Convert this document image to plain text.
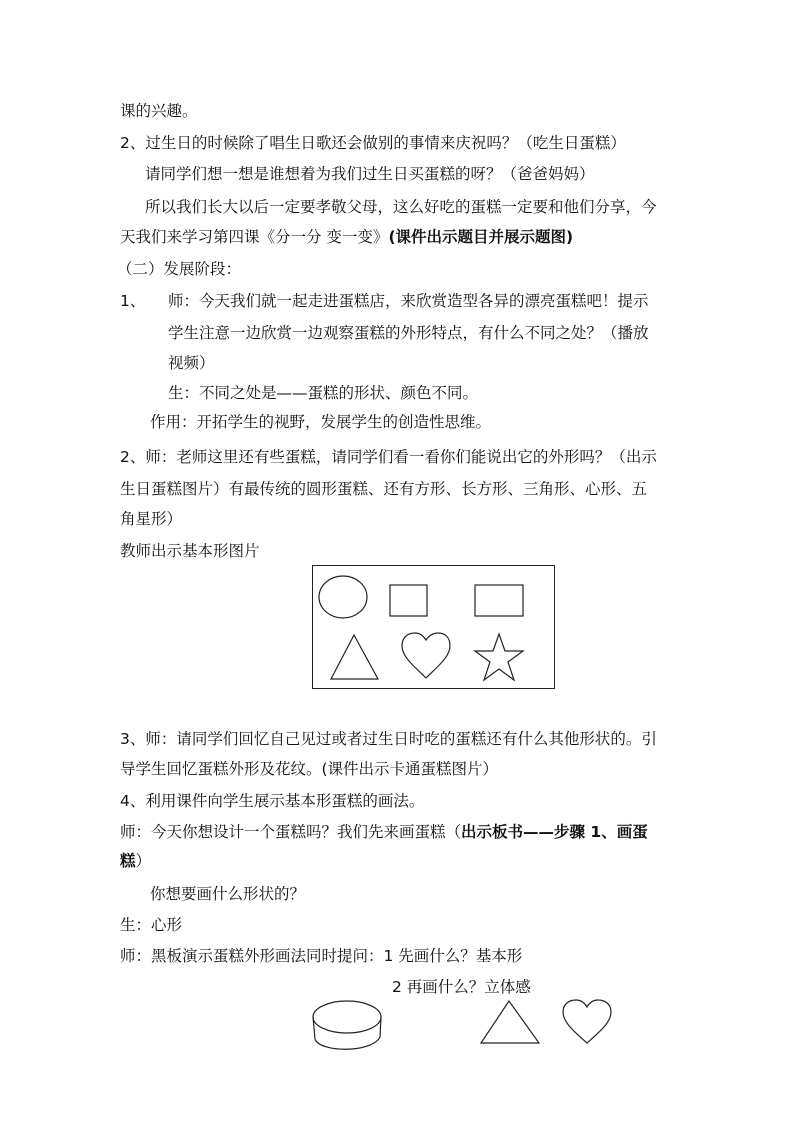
课的兴趣。
2、过生日的时候除了唱生日歌还会做别的事情来庆祝吗？（吃生日蛋糕）
请同学们想一想是谁想着为我们过生日买蛋糕的呀？（爸爸妈妈）
所以我们长大以后一定要孝敬父母，这么好吃的蛋糕一定要和他们分享，今
天我们来学习第四课《分一分 变一变》(课件出示题目并展示题图)
（二）发展阶段：
1、 师：今天我们就一起走进蛋糕店，来欣赏造型各异的漂亮蛋糕吧！提示
学生注意一边欣赏一边观察蛋糕的外形特点，有什么不同之处？（播放
视频）
生：不同之处是——蛋糕的形状、颜色不同。
作用：开拓学生的视野，发展学生的创造性思维。
2、师：老师这里还有些蛋糕，请同学们看一看你们能说出它的外形吗？（出示
生日蛋糕图片）有最传统的圆形蛋糕、还有方形、长方形、三角形、心形、五
角星形）
教师出示基本形图片
3、师：请同学们回忆自己见过或者过生日时吃的蛋糕还有什么其他形状的。引
导学生回忆蛋糕外形及花纹。(课件出示卡通蛋糕图片）
4、利用课件向学生展示基本形蛋糕的画法。
师：今天你想设计一个蛋糕吗？我们先来画蛋糕（出示板书——步骤 1、画蛋
糕）
你想要画什么形状的？
生：心形
师：黑板演示蛋糕外形画法同时提问：1 先画什么？基本形
2 再画什么？立体感
